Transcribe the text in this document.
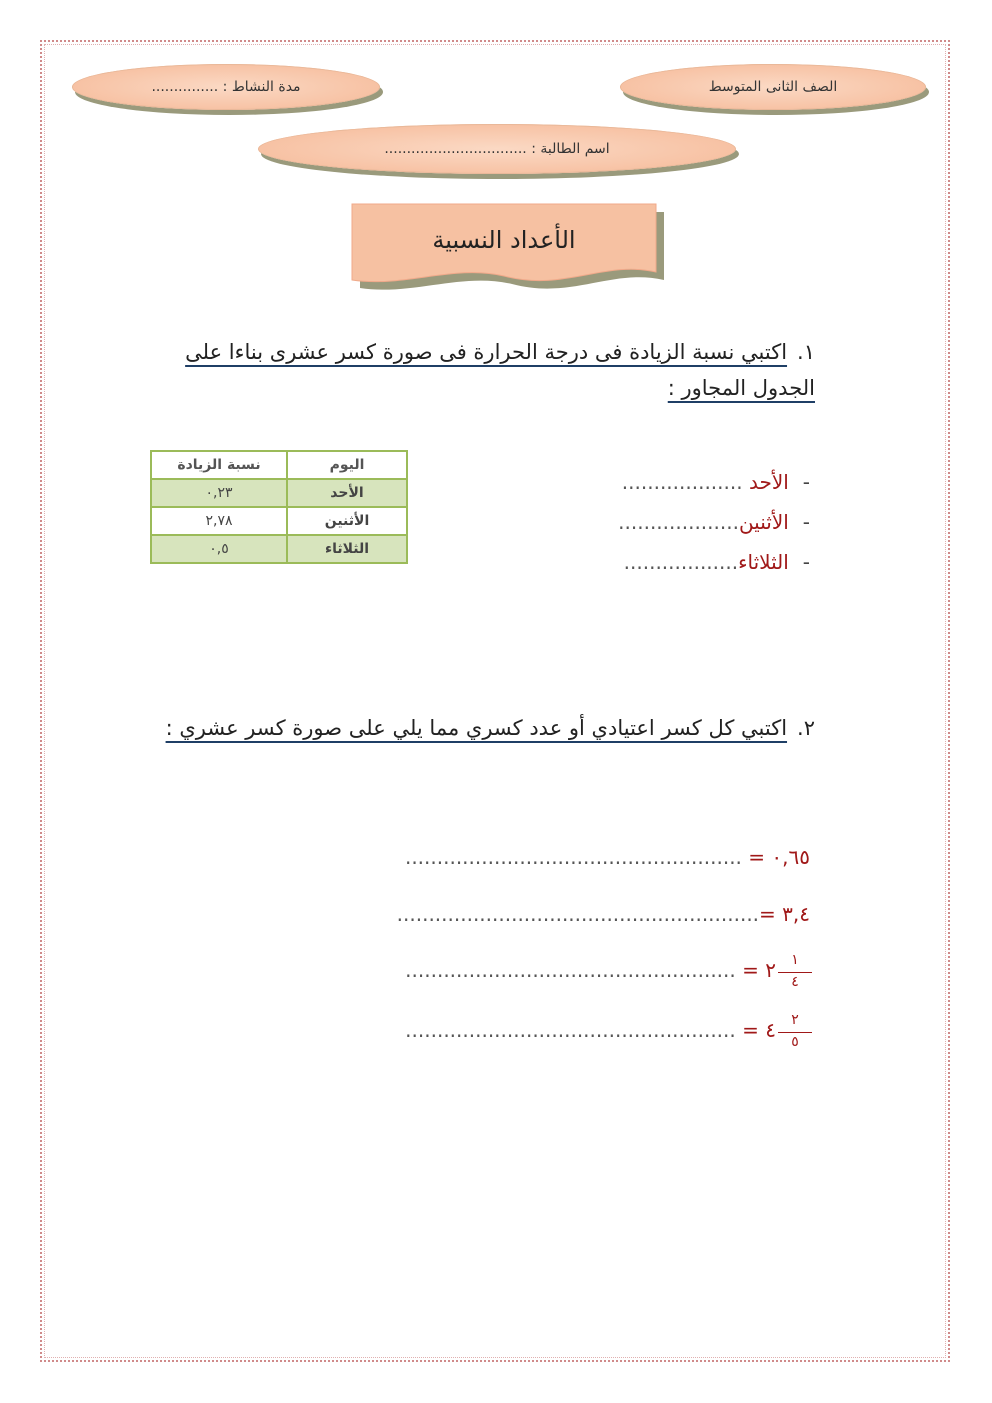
الصف الثانى المتوسط
مدة النشاط : ...............
اسم الطالبة : ................................
الأعداد النسبية
١.اكتبي نسبة الزيادة فى درجة الحرارة فى صورة كسر عشرى بناءا على الجدول المجاور :
اليوم	نسبة الزيادة
الأحد	٠,٢٣
الأثنين	٢,٧٨
الثلاثاء	٠,٥
-الأحد ...................
-الأثنين...................
-الثلاثاء..................
٢.اكتبي كل كسر اعتيادي أو عدد كسري مما يلي على صورة كسر عشري :
٠,٦٥ = .....................................................
٣,٤ =.........................................................
١
٤
٢ = ....................................................
٢
٥
٤ = ....................................................
